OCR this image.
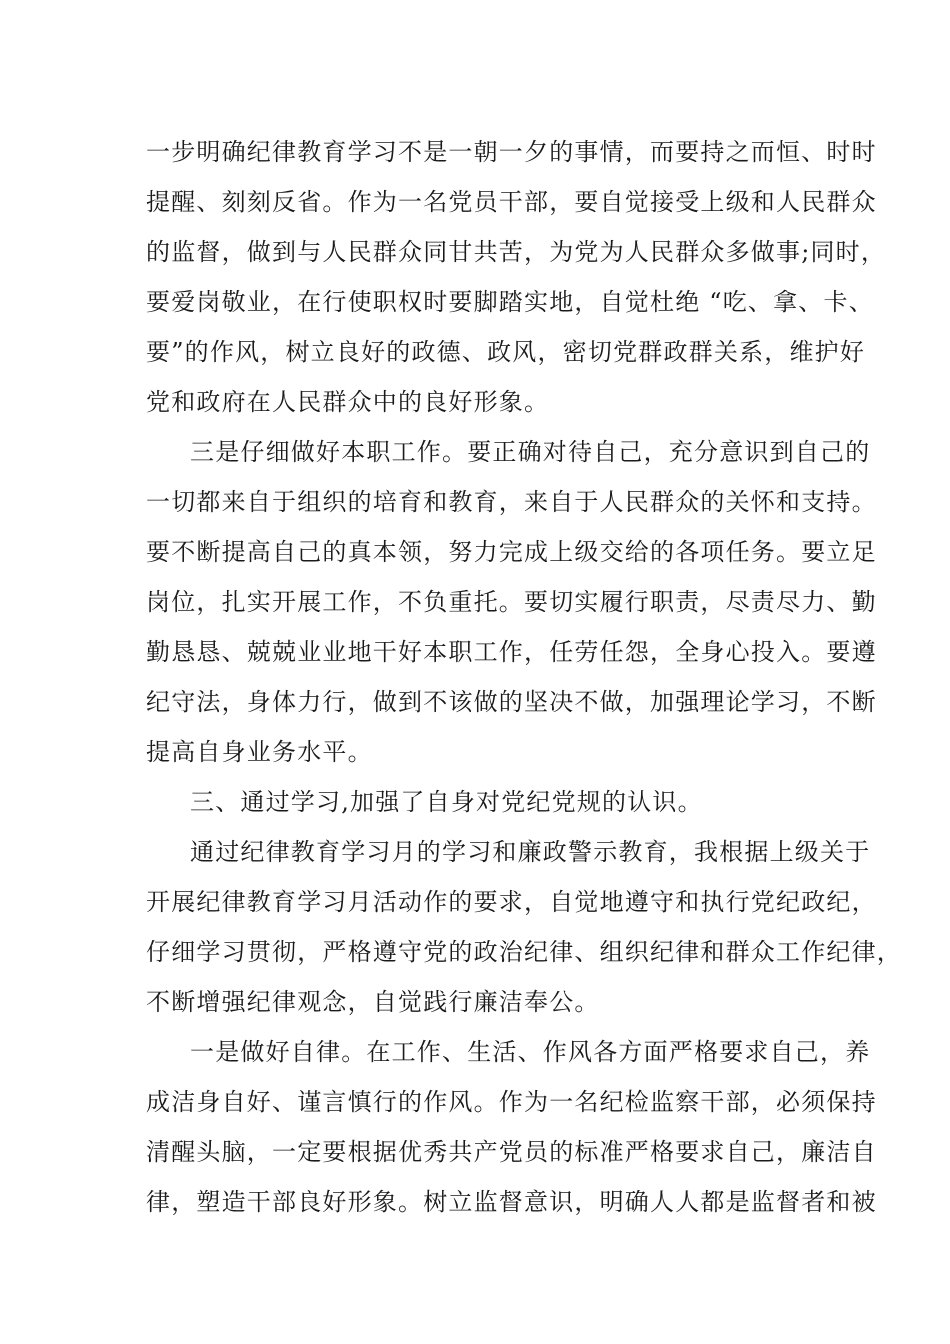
一步明确纪律教育学习不是一朝一夕的事情，而要持之而恒、时时
提醒、刻刻反省。作为一名党员干部，要自觉接受上级和人民群众
的监督，做到与人民群众同甘共苦，为党为人民群众多做事;同时，
要爱岗敬业，在行使职权时要脚踏实地，自觉杜绝 “吃、拿、卡、
要”的作风，树立良好的政德、政风，密切党群政群关系，维护好
党和政府在人民群众中的良好形象。
三是仔细做好本职工作。要正确对待自己，充分意识到自己的
一切都来自于组织的培育和教育，来自于人民群众的关怀和支持。
要不断提高自己的真本领，努力完成上级交给的各项任务。要立足
岗位，扎实开展工作，不负重托。要切实履行职责，尽责尽力、勤
勤恳恳、兢兢业业地干好本职工作，任劳任怨，全身心投入。要遵
纪守法，身体力行，做到不该做的坚决不做，加强理论学习，不断
提高自身业务水平。
三、通过学习,加强了自身对党纪党规的认识。
通过纪律教育学习月的学习和廉政警示教育，我根据上级关于
开展纪律教育学习月活动作的要求，自觉地遵守和执行党纪政纪，
仔细学习贯彻，严格遵守党的政治纪律、组织纪律和群众工作纪律，
不断增强纪律观念，自觉践行廉洁奉公。
一是做好自律。在工作、生活、作风各方面严格要求自己，养
成洁身自好、谨言慎行的作风。作为一名纪检监察干部，必须保持
清醒头脑，一定要根据优秀共产党员的标准严格要求自己，廉洁自
律，塑造干部良好形象。树立监督意识，明确人人都是监督者和被
